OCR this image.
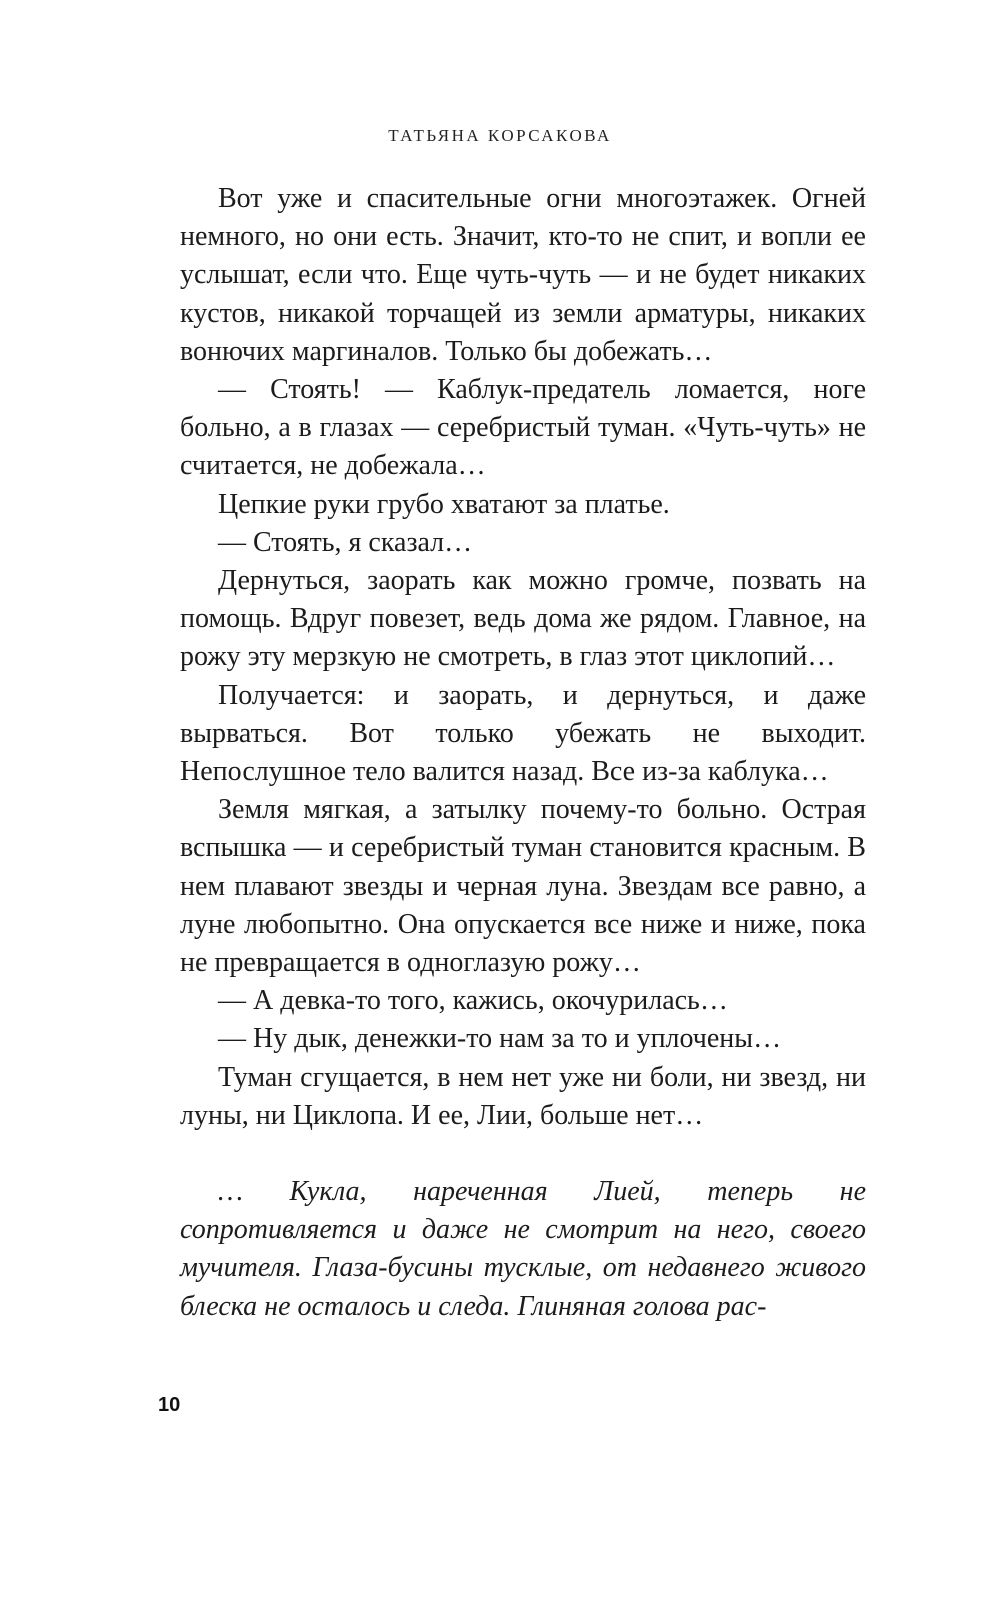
ТАТЬЯНА КОРСАКОВА

Вот уже и спасительные огни многоэтажек. Огней немного, но они есть. Значит, кто-то не спит, и вопли ее услышат, если что. Еще чуть-чуть — и не будет никаких кустов, никакой торчащей из земли арматуры, никаких вонючих маргиналов. Только бы добежать…

— Стоять! — Каблук-предатель ломается, ноге больно, а в глазах — серебристый туман. «Чуть-чуть» не считается, не добежала…

Цепкие руки грубо хватают за платье.

— Стоять, я сказал…

Дернуться, заорать как можно громче, позвать на помощь. Вдруг повезет, ведь дома же рядом. Главное, на рожу эту мерзкую не смотреть, в глаз этот циклопий…

Получается: и заорать, и дернуться, и даже вырваться. Вот только убежать не выходит. Непослушное тело валится назад. Все из-за каблука…

Земля мягкая, а затылку почему-то больно. Острая вспышка — и серебристый туман становится красным. В нем плавают звезды и черная луна. Звездам все равно, а луне любопытно. Она опускается все ниже и ниже, пока не превращается в одноглазую рожу…

— А девка-то того, кажись, окочурилась…

— Ну дык, денежки-то нам за то и уплочены…

Туман сгущается, в нем нет уже ни боли, ни звезд, ни луны, ни Циклопа. И ее, Лии, больше нет…

… Кукла, нареченная Лией, теперь не сопротивляется и даже не смотрит на него, своего мучителя. Глаза-бусины тусклые, от недавнего живого блеска не осталось и следа. Глиняная голова рас-

10
